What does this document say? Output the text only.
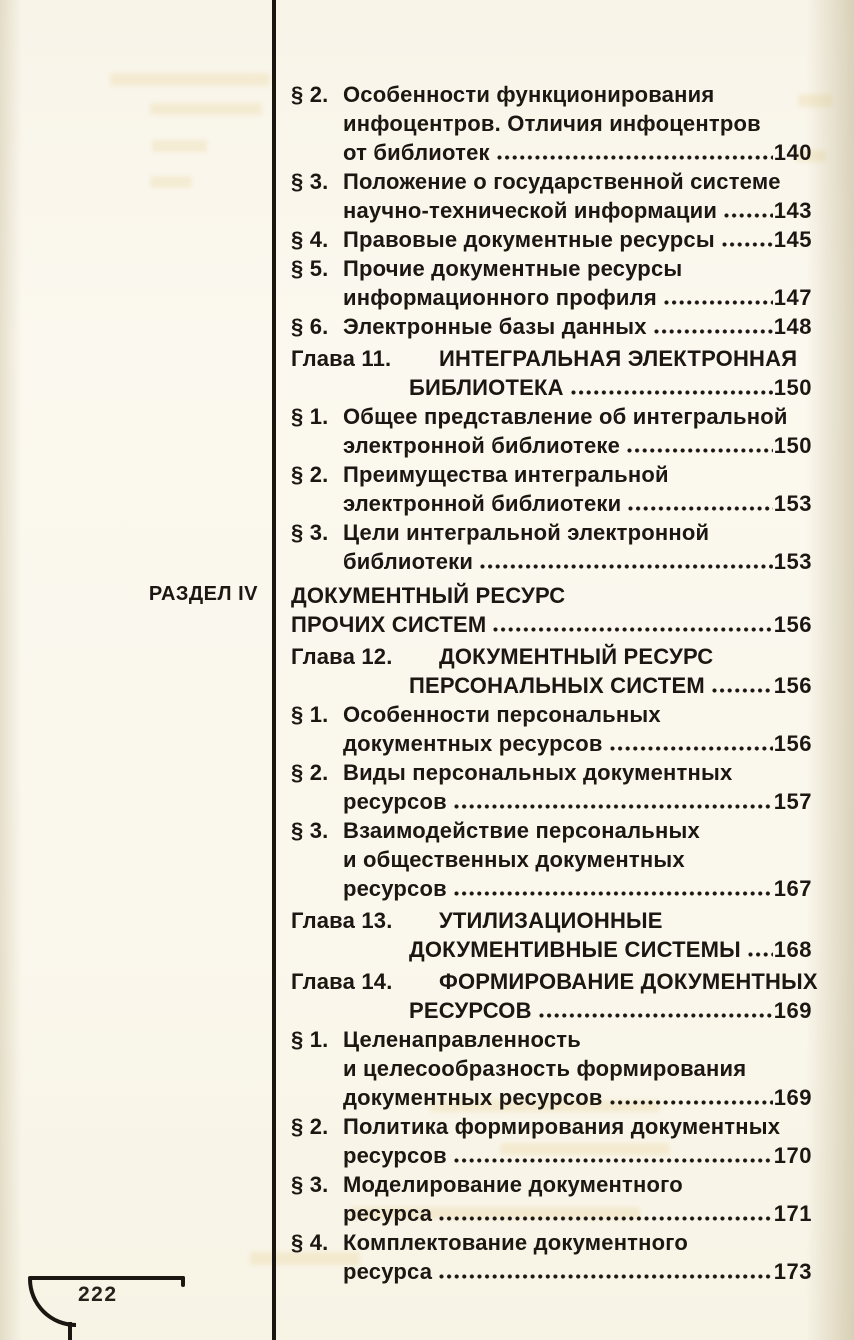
§ 2. Особенности функционирования
инфоцентров. Отличия инфоцентров
от библиотек	140
§ 3. Положение о государственной системе
научно-технической информации	143
§ 4. Правовые документные ресурсы	145
§ 5. Прочие документные ресурсы
информационного профиля	147
§ 6. Электронные базы данных	148
Глава 11.	ИНТЕГРАЛЬНАЯ ЭЛЕКТРОННАЯ
БИБЛИОТЕКА	150
§ 1. Общее представление об интегральной
электронной библиотеке	150
§ 2. Преимущества интегральной
электронной библиотеки	153
§ 3. Цели интегральной электронной
библиотеки	153
РАЗДЕЛ IV ДОКУМЕНТНЫЙ РЕСУРС
ПРОЧИХ СИСТЕМ	156
Глава 12.	ДОКУМЕНТНЫЙ РЕСУРС
ПЕРСОНАЛЬНЫХ СИСТЕМ	156
§ 1. Особенности персональных
документных ресурсов	156
§ 2. Виды персональных документных
ресурсов	157
§ 3. Взаимодействие персональных
и общественных документных
ресурсов	167
Глава 13.	УТИЛИЗАЦИОННЫЕ
ДОКУМЕНТИВНЫЕ СИСТЕМЫ 168
Глава 14.	ФОРМИРОВАНИЕ ДОКУМЕНТНЫХ
РЕСУРСОВ	169
§ 1. Целенаправленность
и целесообразность формирования
документных ресурсов	169
§ 2. Политика формирования документных
ресурсов	170
§ 3. Моделирование документного
ресурса	171
§ 4. Комплектование документного
ресурса	173
222
